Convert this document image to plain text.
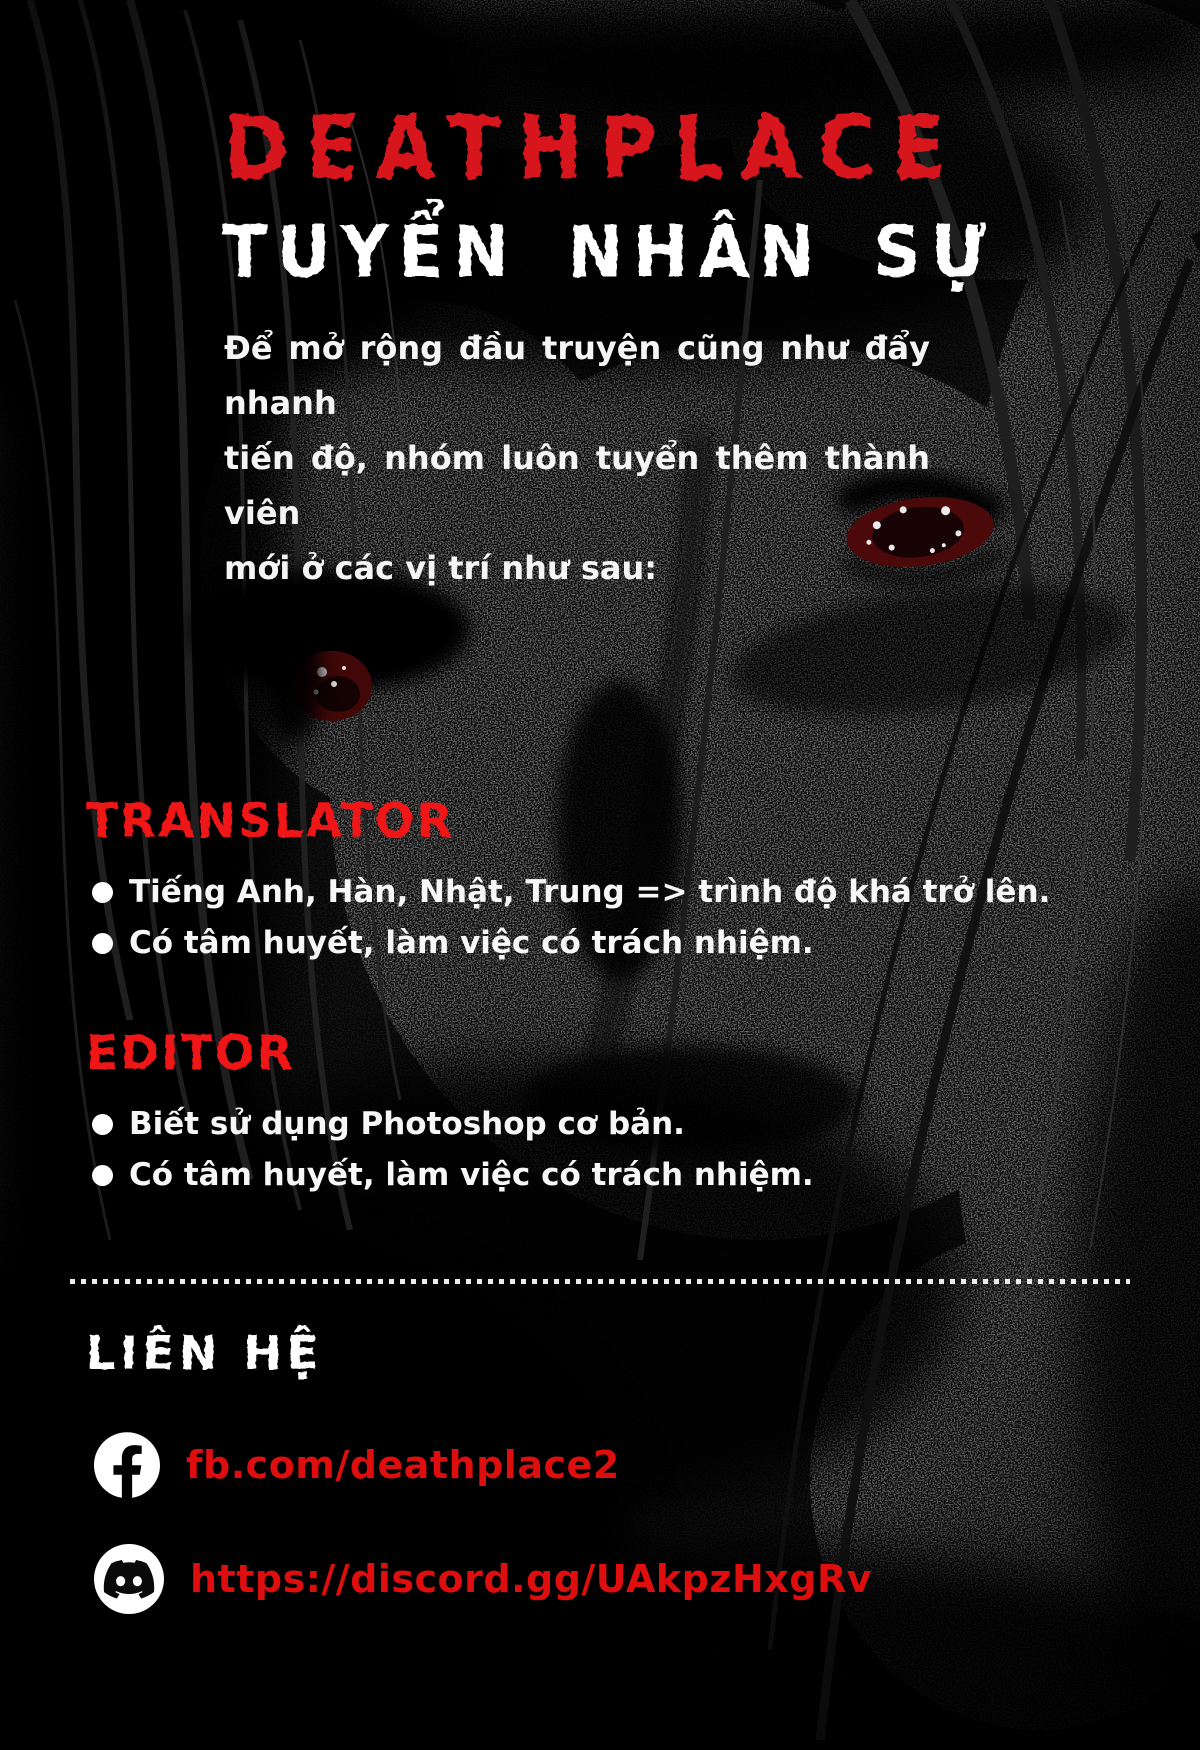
DEATHPLACE
TUYỂN NHÂN SỰ
Để mở rộng đầu truyện cũng như đẩy nhanh
tiến độ, nhóm luôn tuyển thêm thành viên
mới ở các vị trí như sau:
TRANSLATOR
Tiếng Anh, Hàn, Nhật, Trung => trình độ khá trở lên.
Có tâm huyết, làm việc có trách nhiệm.
EDITOR
Biết sử dụng Photoshop cơ bản.
Có tâm huyết, làm việc có trách nhiệm.
LIÊN HỆ
fb.com/deathplace2
https://discord.gg/UAkpzHxgRv
